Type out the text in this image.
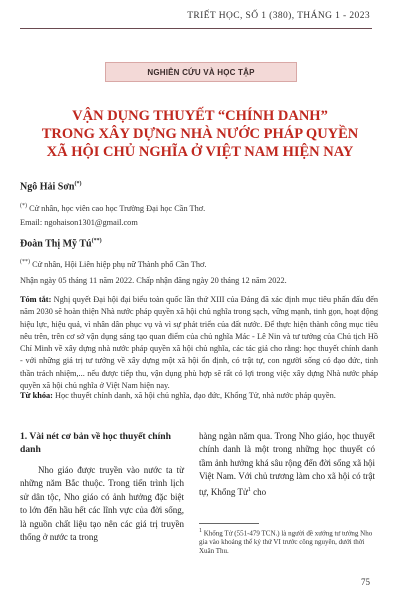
TRIẾT HỌC, SỐ 1 (380), THÁNG 1 - 2023
NGHIÊN CỨU VÀ HỌC TẬP
VẬN DỤNG THUYẾT “CHÍNH DANH”
TRONG XÂY DỰNG NHÀ NƯỚC PHÁP QUYỀN
XÃ HỘI CHỦ NGHĨA Ở VIỆT NAM HIỆN NAY
Ngô Hải Sơn(*)
(*) Cử nhân, học viên cao học Trường Đại học Cần Thơ.
Email: ngohaison1301@gmail.com
Đoàn Thị Mỹ Tú(**)
(**) Cử nhân, Hội Liên hiệp phụ nữ Thành phố Cần Thơ.
Nhận ngày 05 tháng 11 năm 2022. Chấp nhận đăng ngày 20 tháng 12 năm 2022.
Tóm tắt: Nghị quyết Đại hội đại biểu toàn quốc lần thứ XIII của Đảng đã xác định mục tiêu phấn đấu đến năm 2030 sẽ hoàn thiện Nhà nước pháp quyền xã hội chủ nghĩa trong sạch, vững mạnh, tinh gọn, hoạt động hiệu lực, hiệu quả, vì nhân dân phục vụ và vì sự phát triển của đất nước. Để thực hiện thành công mục tiêu nêu trên, trên cơ sở vận dụng sáng tạo quan điểm của chủ nghĩa Mác - Lê Nin và tư tưởng của Chủ tịch Hồ Chí Minh về xây dựng nhà nước pháp quyền xã hội chủ nghĩa, các tác giả cho rằng: học thuyết chính danh - với những giá trị tư tưởng về xây dựng một xã hội ổn định, có trật tự, con người sống có đạo đức, tinh thần trách nhiệm,... nếu được tiếp thu, vận dụng phù hợp sẽ rất có lợi trong việc xây dựng Nhà nước pháp quyền xã hội chủ nghĩa ở Việt Nam hiện nay.
Từ khóa: Học thuyết chính danh, xã hội chủ nghĩa, đạo đức, Khổng Tử, nhà nước pháp quyền.
1. Vài nét cơ bản về học thuyết chính danh
Nho giáo được truyền vào nước ta từ những năm Bắc thuộc. Trong tiến trình lịch sử dân tộc, Nho giáo có ảnh hưởng đặc biệt to lớn đến hầu hết các lĩnh vực của đời sống, là nguồn chất liệu tạo nên các giá trị truyền thống ở nước ta trong
hàng ngàn năm qua. Trong Nho giáo, học thuyết chính danh là một trong những học thuyết có tầm ảnh hưởng khá sâu rộng đến đời sống xã hội Việt Nam. Với chủ trương làm cho xã hội có trật tự, Khổng Tử$^1$ cho
$^1$ Khổng Tử (551-479 TCN.) là người đề xướng tư tưởng Nho gia vào khoảng thế kỷ thứ VI trước công nguyên, dưới thời Xuân Thu.
75
